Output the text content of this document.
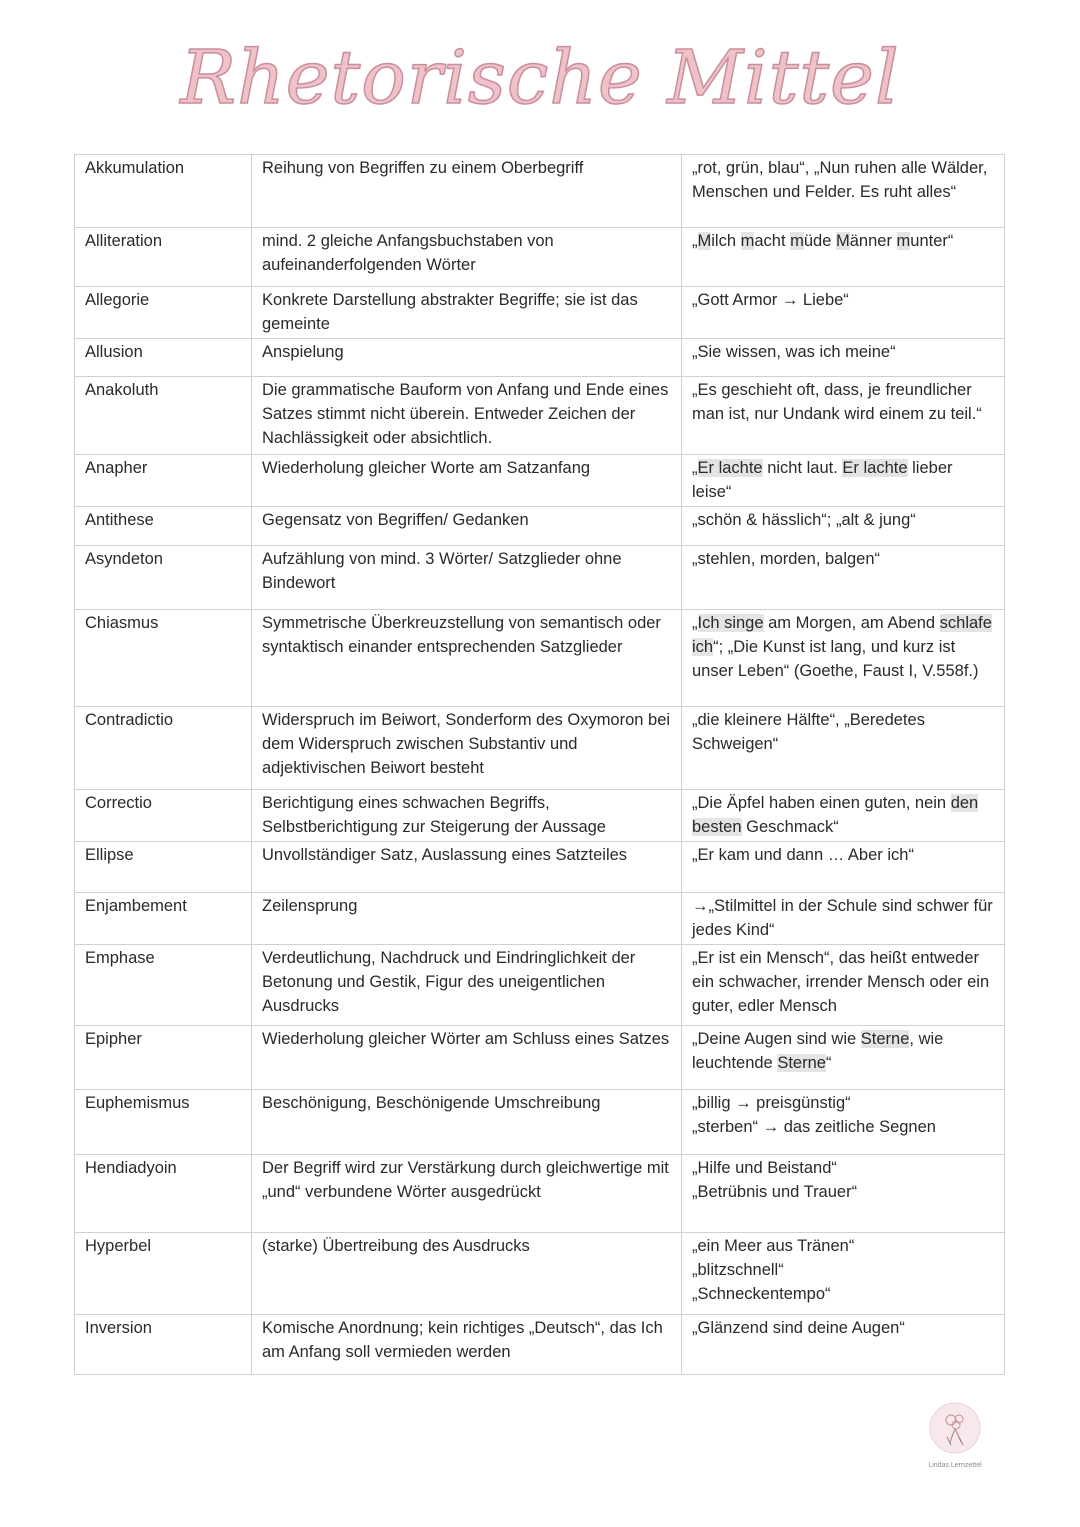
Rhetorische Mittel
Akkumulation	Reihung von Begriffen zu einem Oberbegriff	„rot, grün, blau“, „Nun ruhen alle Wälder, Menschen und Felder. Es ruht alles“
Alliteration	mind. 2 gleiche Anfangsbuchstaben von aufeinanderfolgenden Wörter	„Milch macht müde Männer munter“
Allegorie	Konkrete Darstellung abstrakter Begriffe; sie ist das gemeinte	„Gott Armor → Liebe“
Allusion	Anspielung	„Sie wissen, was ich meine“
Anakoluth	Die grammatische Bauform von Anfang und Ende eines Satzes stimmt nicht überein. Entweder Zeichen der Nachlässigkeit oder absichtlich.	„Es geschieht oft, dass, je freundlicher man ist, nur Undank wird einem zu teil.“
Anapher	Wiederholung gleicher Worte am Satzanfang	„Er lachte nicht laut. Er lachte lieber leise“
Antithese	Gegensatz von Begriffen/ Gedanken	„schön & hässlich“; „alt & jung“
Asyndeton	Aufzählung von mind. 3 Wörter/ Satzglieder ohne Bindewort	„stehlen, morden, balgen“
Chiasmus	Symmetrische Überkreuzstellung von semantisch oder syntaktisch einander entsprechenden Satzglieder	„Ich singe am Morgen, am Abend schlafe ich“; „Die Kunst ist lang, und kurz ist unser Leben“ (Goethe, Faust I, V.558f.)
Contradictio	Widerspruch im Beiwort, Sonderform des Oxymoron bei dem Widerspruch zwischen Substantiv und adjektivischen Beiwort besteht	„die kleinere Hälfte“, „Beredetes Schweigen“
Correctio	Berichtigung eines schwachen Begriffs, Selbstberichtigung zur Steigerung der Aussage	„Die Äpfel haben einen guten, nein den besten Geschmack“
Ellipse	Unvollständiger Satz, Auslassung eines Satzteiles	„Er kam und dann … Aber ich“
Enjambement	Zeilensprung	→„Stilmittel in der Schule sind schwer für jedes Kind“
Emphase	Verdeutlichung, Nachdruck und Eindringlichkeit der Betonung und Gestik, Figur des uneigentlichen Ausdrucks	„Er ist ein Mensch“, das heißt entweder ein schwacher, irrender Mensch oder ein guter, edler Mensch
Epipher	Wiederholung gleicher Wörter am Schluss eines Satzes	„Deine Augen sind wie Sterne, wie leuchtende Sterne“
Euphemismus	Beschönigung, Beschönigende Umschreibung	„billig → preisgünstig“
„sterben“ → das zeitliche Segnen
Hendiadyoin	Der Begriff wird zur Verstärkung durch gleichwertige mit „und“ verbundene Wörter ausgedrückt	„Hilfe und Beistand“
„Betrübnis und Trauer“
Hyperbel	(starke) Übertreibung des Ausdrucks	„ein Meer aus Tränen“
„blitzschnell“
„Schneckentempo“
Inversion	Komische Anordnung; kein richtiges „Deutsch“, das Ich am Anfang soll vermieden werden	„Glänzend sind deine Augen“
Lindas Lernzettel
